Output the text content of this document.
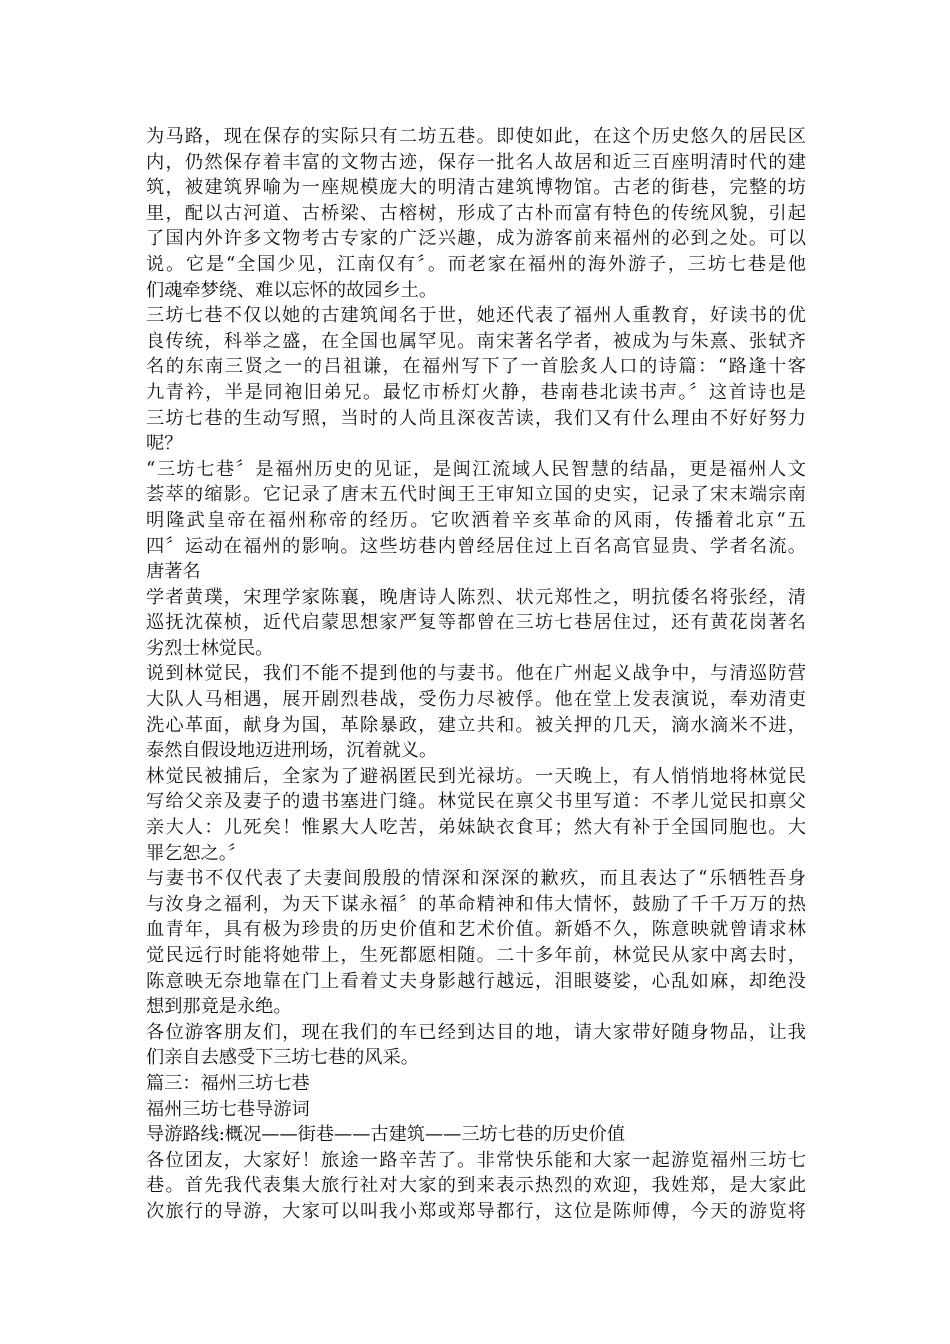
为马路，现在保存的实际只有二坊五巷。即使如此，在这个历史悠久的居民区
内，仍然保存着丰富的文物古迹，保存一批名人故居和近三百座明清时代的建
筑，被建筑界喻为一座规模庞大的明清古建筑博物馆。古老的街巷，完整的坊
里，配以古河道、古桥梁、古榕树，形成了古朴而富有特色的传统风貌，引起
了国内外许多文物考古专家的广泛兴趣，成为游客前来福州的必到之处。可以
说。它是“全国少见，江南仅有〞。而老家在福州的海外游子，三坊七巷是他
们魂牵梦绕、难以忘怀的故园乡土。
三坊七巷不仅以她的古建筑闻名于世，她还代表了福州人重教育，好读书的优
良传统，科举之盛，在全国也属罕见。南宋著名学者，被成为与朱熹、张轼齐
名的东南三贤之一的吕祖谦，在福州写下了一首脍炙人口的诗篇：“路逢十客
九青衿，半是同袍旧弟兄。最忆市桥灯火静，巷南巷北读书声。〞这首诗也是
三坊七巷的生动写照，当时的人尚且深夜苦读，我们又有什么理由不好好努力
呢？
“三坊七巷〞是福州历史的见证，是闽江流域人民智慧的结晶，更是福州人文
荟萃的缩影。它记录了唐末五代时闽王王审知立国的史实，记录了宋末端宗南
明隆武皇帝在福州称帝的经历。它吹洒着辛亥革命的风雨，传播着北京“五
四〞运动在福州的影响。这些坊巷内曾经居住过上百名高官显贵、学者名流。
唐著名
学者黄璞，宋理学家陈襄，晚唐诗人陈烈、状元郑性之，明抗倭名将张经，清
巡抚沈葆桢，近代启蒙思想家严复等都曾在三坊七巷居住过，还有黄花岗著名
劣烈士林觉民。
说到林觉民，我们不能不提到他的与妻书。他在广州起义战争中，与清巡防营
大队人马相遇，展开剧烈巷战，受伤力尽被俘。他在堂上发表演说，奉劝清吏
洗心革面，献身为国，革除暴政，建立共和。被关押的几天，滴水滴米不进，
泰然自假设地迈进刑场，沉着就义。
林觉民被捕后，全家为了避祸匿民到光禄坊。一天晚上，有人悄悄地将林觉民
写给父亲及妻子的遗书塞进门缝。林觉民在禀父书里写道：不孝儿觉民扣禀父
亲大人：儿死矣！惟累大人吃苦，弟妹缺衣食耳；然大有补于全国同胞也。大
罪乞恕之。〞
与妻书不仅代表了夫妻间殷殷的情深和深深的歉疚，而且表达了“乐牺牲吾身
与汝身之福利，为天下谋永福〞的革命精神和伟大情怀，鼓励了千千万万的热
血青年，具有极为珍贵的历史价值和艺术价值。新婚不久，陈意映就曾请求林
觉民远行时能将她带上，生死都愿相随。二十多年前，林觉民从家中离去时，
陈意映无奈地靠在门上看着丈夫身影越行越远，泪眼婆娑，心乱如麻，却绝没
想到那竟是永绝。
各位游客朋友们，现在我们的车已经到达目的地，请大家带好随身物品，让我
们亲自去感受下三坊七巷的风采。
篇三：福州三坊七巷
福州三坊七巷导游词
导游路线:概况——街巷——古建筑——三坊七巷的历史价值
各位团友，大家好！旅途一路辛苦了。非常快乐能和大家一起游览福州三坊七
巷。首先我代表集大旅行社对大家的到来表示热烈的欢迎，我姓郑，是大家此
次旅行的导游，大家可以叫我小郑或郑导都行，这位是陈师傅，今天的游览将
